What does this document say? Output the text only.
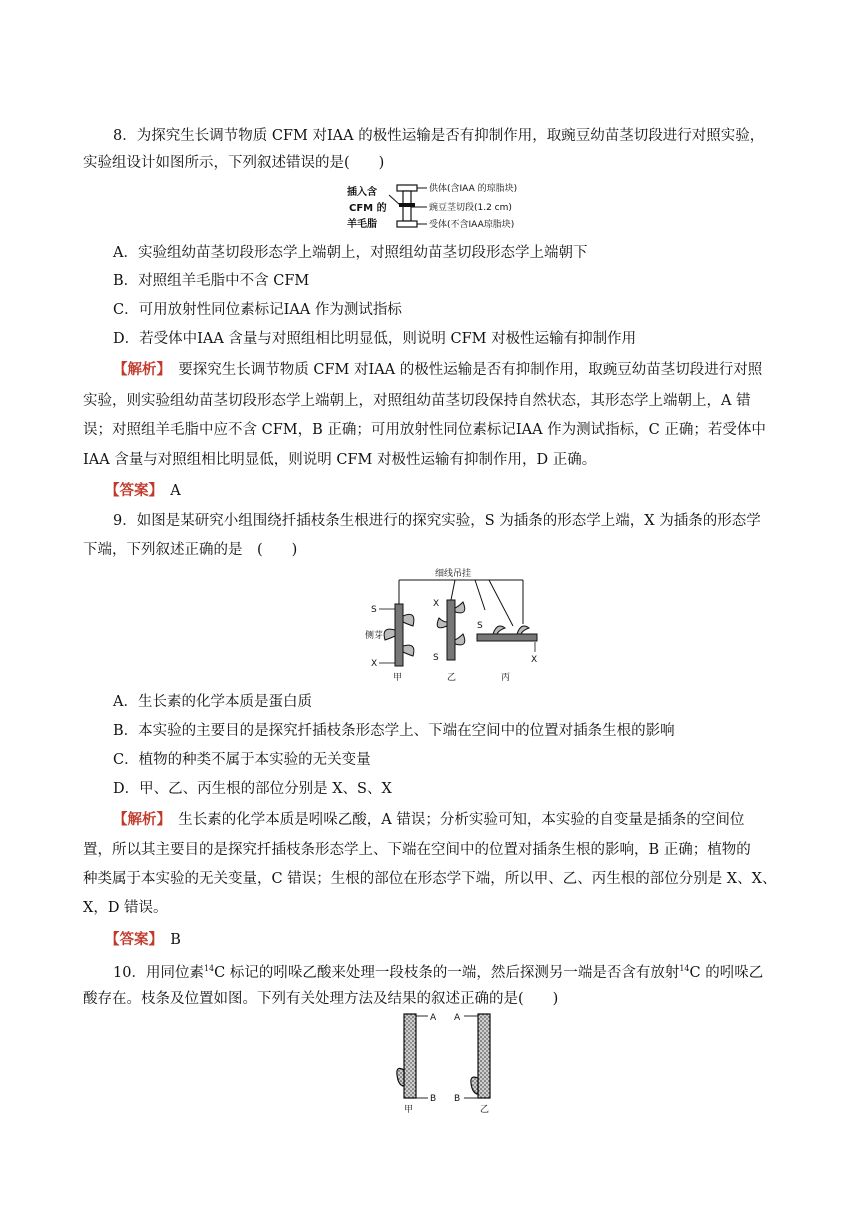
8．为探究生长调节物质 CFM 对ⅠAA 的极性运输是否有抑制作用，取豌豆幼苗茎切段进行对照实验，
实验组设计如图所示，下列叙述错误的是(　　)
插入含
CFM 的
羊毛脂
供体(含IAA 的琼脂块)
豌豆茎切段(1.2 cm)
受体(不含IAA琼脂块)
A．实验组幼苗茎切段形态学上端朝上，对照组幼苗茎切段形态学上端朝下
B．对照组羊毛脂中不含 CFM
C．可用放射性同位素标记ⅠAA 作为测试指标
D．若受体中ⅠAA 含量与对照组相比明显低，则说明 CFM 对极性运输有抑制作用
【解析】　 要探究生长调节物质 CFM 对ⅠAA 的极性运输是否有抑制作用，取豌豆幼苗茎切段进行对照
实验，则实验组幼苗茎切段形态学上端朝上，对照组幼苗茎切段保持自然状态，其形态学上端朝上，A 错
误；对照组羊毛脂中应不含 CFM，B 正确；可用放射性同位素标记ⅠAA 作为测试指标，C 正确；若受体中
ⅠAA 含量与对照组相比明显低，则说明 CFM 对极性运输有抑制作用，D 正确。
【答案】　 A
9．如图是某研究小组围绕扦插枝条生根进行的探究实验，S 为插条的形态学上端，X 为插条的形态学
下端，下列叙述正确的是　(　　)
细线吊挂
S
侧芽
X
甲
X
S
乙
S
X
丙
A．生长素的化学本质是蛋白质
B．本实验的主要目的是探究扦插枝条形态学上、下端在空间中的位置对插条生根的影响
C．植物的种类不属于本实验的无关变量
D．甲、乙、丙生根的部位分别是 X、S、X
【解析】　 生长素的化学本质是吲哚乙酸，A 错误；分析实验可知，本实验的自变量是插条的空间位
置，所以其主要目的是探究扦插枝条形态学上、下端在空间中的位置对插条生根的影响，B 正确；植物的
种类属于本实验的无关变量，C 错误；生根的部位在形态学下端，所以甲、乙、丙生根的部位分别是 X、X、
X，D 错误。
【答案】　 B
10．用同位素$^{14}$C 标记的吲哚乙酸来处理一段枝条的一端，然后探测另一端是否含有放射$^{14}$C 的吲哚乙
酸存在。枝条及位置如图。下列有关处理方法及结果的叙述正确的是(　　)
A
B
甲
A
B
乙
